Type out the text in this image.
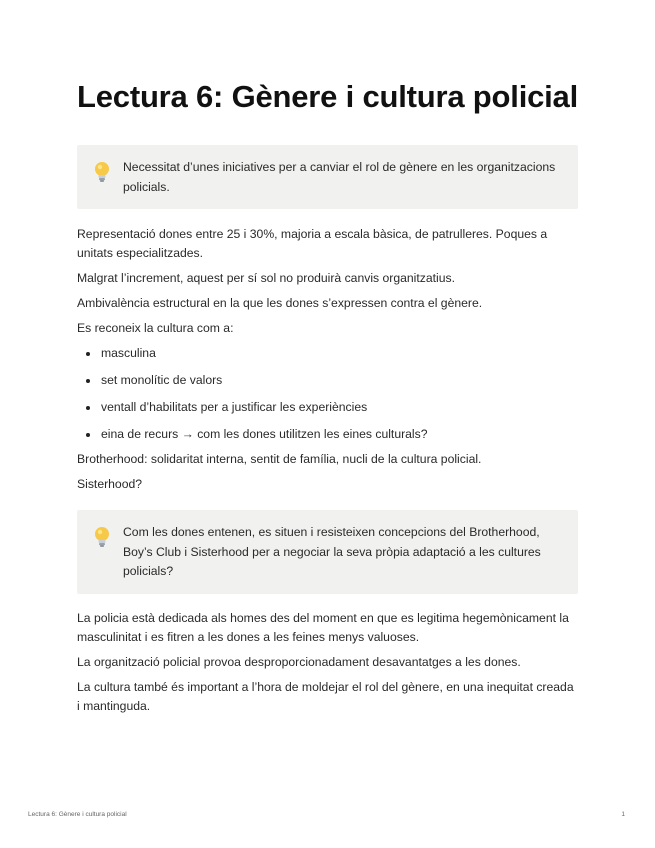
Lectura 6: Gènere i cultura policial
Necessitat d’unes iniciatives per a canviar el rol de gènere en les organitzacions policials.

Representació dones entre 25 i 30%, majoria a escala bàsica, de patrulleres. Poques a unitats especialitzades.

Malgrat l’increment, aquest per sí sol no produirà canvis organitzatius.

Ambivalència estructural en la que les dones s’expressen contra el gènere.

Es reconeix la cultura com a:

masculina
set monolític de valors
ventall d’habilitats per a justificar les experiències
eina de recurs → com les dones utilitzen les eines culturals?

Brotherhood: solidaritat interna, sentit de família, nucli de la cultura policial.

Sisterhood?

Com les dones entenen, es situen i resisteixen concepcions del Brotherhood, Boy’s Club i Sisterhood per a negociar la seva pròpia adaptació a les cultures policials?

La policia està dedicada als homes des del moment en que es legitima hegemònicament la masculinitat i es fitren a les dones a les feines menys valuoses.

La organització policial provoa desproporcionadament desavantatges a les dones.

La cultura també és important a l’hora de moldejar el rol del gènere, en una inequitat creada i mantinguda.

Lectura 6: Gènere i cultura policial	1
